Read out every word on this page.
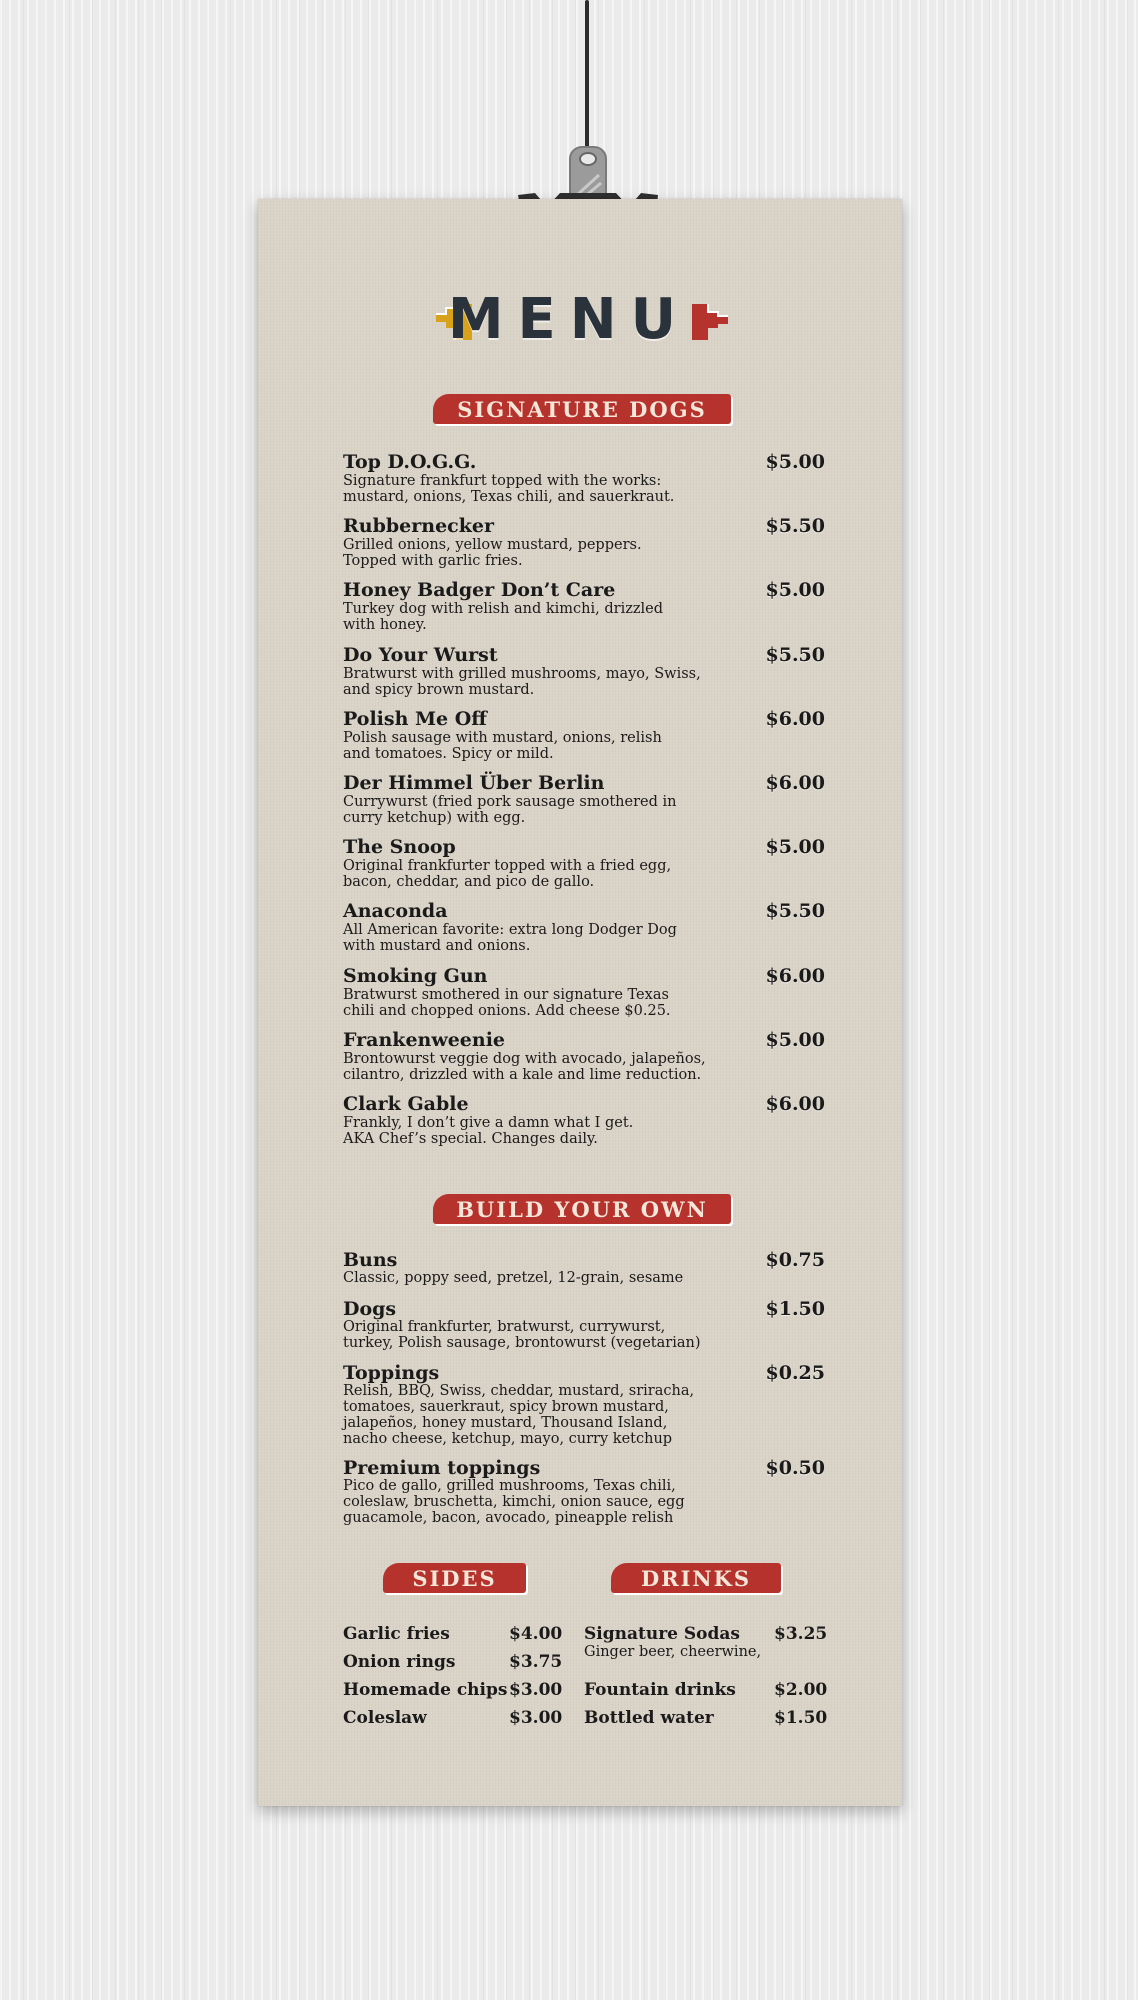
MENU
SIGNATURE DOGS
Top D.O.G.G.	$5.00
Signature frankfurt topped with the works:
mustard, onions, Texas chili, and sauerkraut.
Rubbernecker	$5.50
Grilled onions, yellow mustard, peppers.
Topped with garlic fries.
Honey Badger Don’t Care	$5.00
Turkey dog with relish and kimchi, drizzled
with honey.
Do Your Wurst	$5.50
Bratwurst with grilled mushrooms, mayo, Swiss,
and spicy brown mustard.
Polish Me Off	$6.00
Polish sausage with mustard, onions, relish
and tomatoes. Spicy or mild.
Der Himmel Über Berlin	$6.00
Currywurst (fried pork sausage smothered in
curry ketchup) with egg.
The Snoop	$5.00
Original frankfurter topped with a fried egg,
bacon, cheddar, and pico de gallo.
Anaconda	$5.50
All American favorite: extra long Dodger Dog
with mustard and onions.
Smoking Gun	$6.00
Bratwurst smothered in our signature Texas
chili and chopped onions. Add cheese $0.25.
Frankenweenie	$5.00
Brontowurst veggie dog with avocado, jalapeños,
cilantro, drizzled with a kale and lime reduction.
Clark Gable	$6.00
Frankly, I don’t give a damn what I get.
AKA Chef’s special. Changes daily.
BUILD YOUR OWN
Buns	$0.75
Classic, poppy seed, pretzel, 12-grain, sesame
Dogs	$1.50
Original frankfurter, bratwurst, currywurst,
turkey, Polish sausage, brontowurst (vegetarian)
Toppings	$0.25
Relish, BBQ, Swiss, cheddar, mustard, sriracha,
tomatoes, sauerkraut, spicy brown mustard,
jalapeños, honey mustard, Thousand Island,
nacho cheese, ketchup, mayo, curry ketchup
Premium toppings	$0.50
Pico de gallo, grilled mushrooms, Texas chili,
coleslaw, bruschetta, kimchi, onion sauce, egg
guacamole, bacon, avocado, pineapple relish
SIDES	DRINKS
Garlic fries	$4.00
Onion rings	$3.75
Homemade chips $3.00
Coleslaw	$3.00
Signature Sodas $3.25
Ginger beer, cheerwine,
Fountain drinks $2.00
Bottled water	$1.50
